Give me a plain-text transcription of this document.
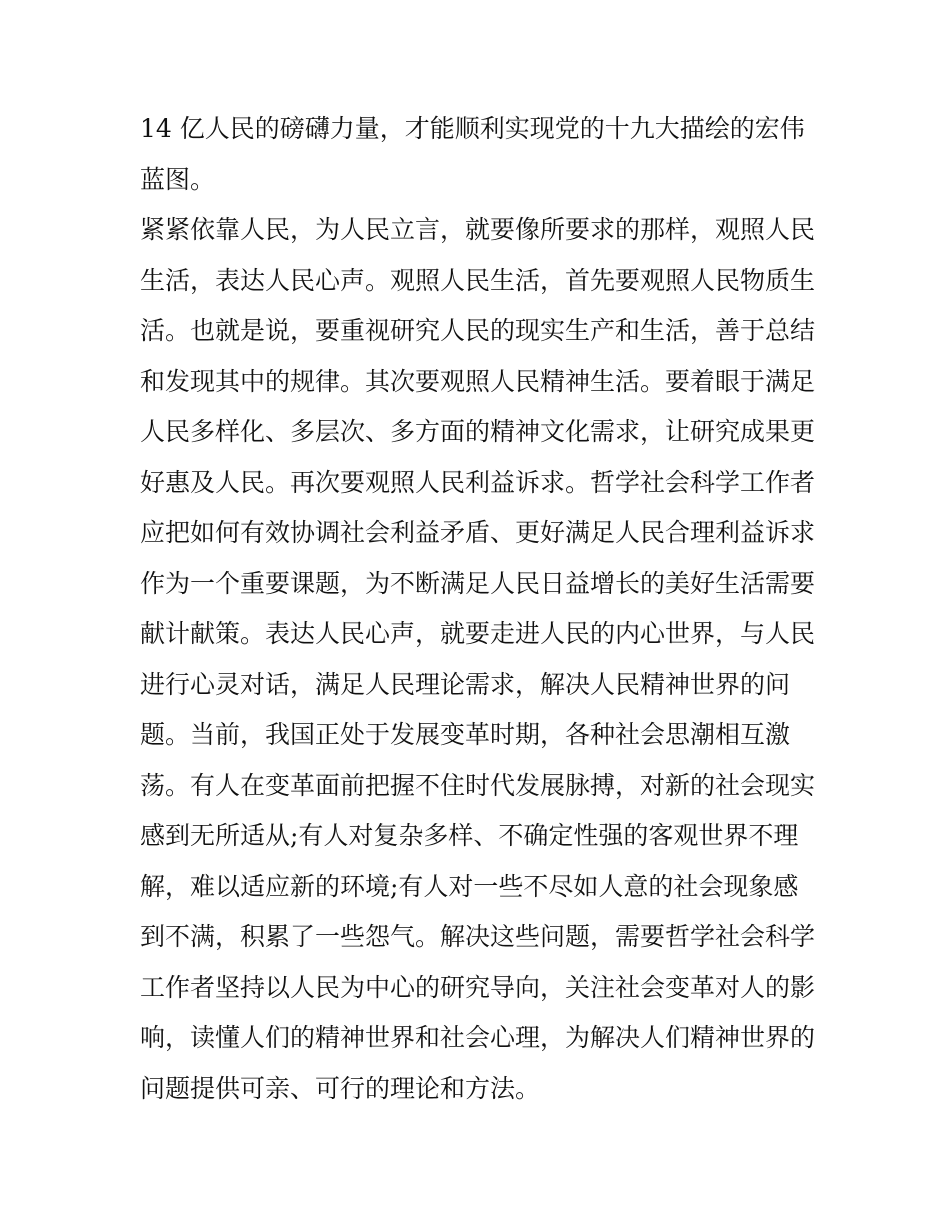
14 亿人民的磅礴力量，才能顺利实现党的十九大描绘的宏伟
蓝图。
紧紧依靠人民，为人民立言，就要像所要求的那样，观照人民
生活，表达人民心声。观照人民生活，首先要观照人民物质生
活。也就是说，要重视研究人民的现实生产和生活，善于总结
和发现其中的规律。其次要观照人民精神生活。要着眼于满足
人民多样化、多层次、多方面的精神文化需求，让研究成果更
好惠及人民。再次要观照人民利益诉求。哲学社会科学工作者
应把如何有效协调社会利益矛盾、更好满足人民合理利益诉求
作为一个重要课题，为不断满足人民日益增长的美好生活需要
献计献策。表达人民心声，就要走进人民的内心世界，与人民
进行心灵对话，满足人民理论需求，解决人民精神世界的问
题。当前，我国正处于发展变革时期，各种社会思潮相互激
荡。有人在变革面前把握不住时代发展脉搏，对新的社会现实
感到无所适从;有人对复杂多样、不确定性强的客观世界不理
解，难以适应新的环境;有人对一些不尽如人意的社会现象感
到不满，积累了一些怨气。解决这些问题，需要哲学社会科学
工作者坚持以人民为中心的研究导向，关注社会变革对人的影
响，读懂人们的精神世界和社会心理，为解决人们精神世界的
问题提供可亲、可行的理论和方法。
